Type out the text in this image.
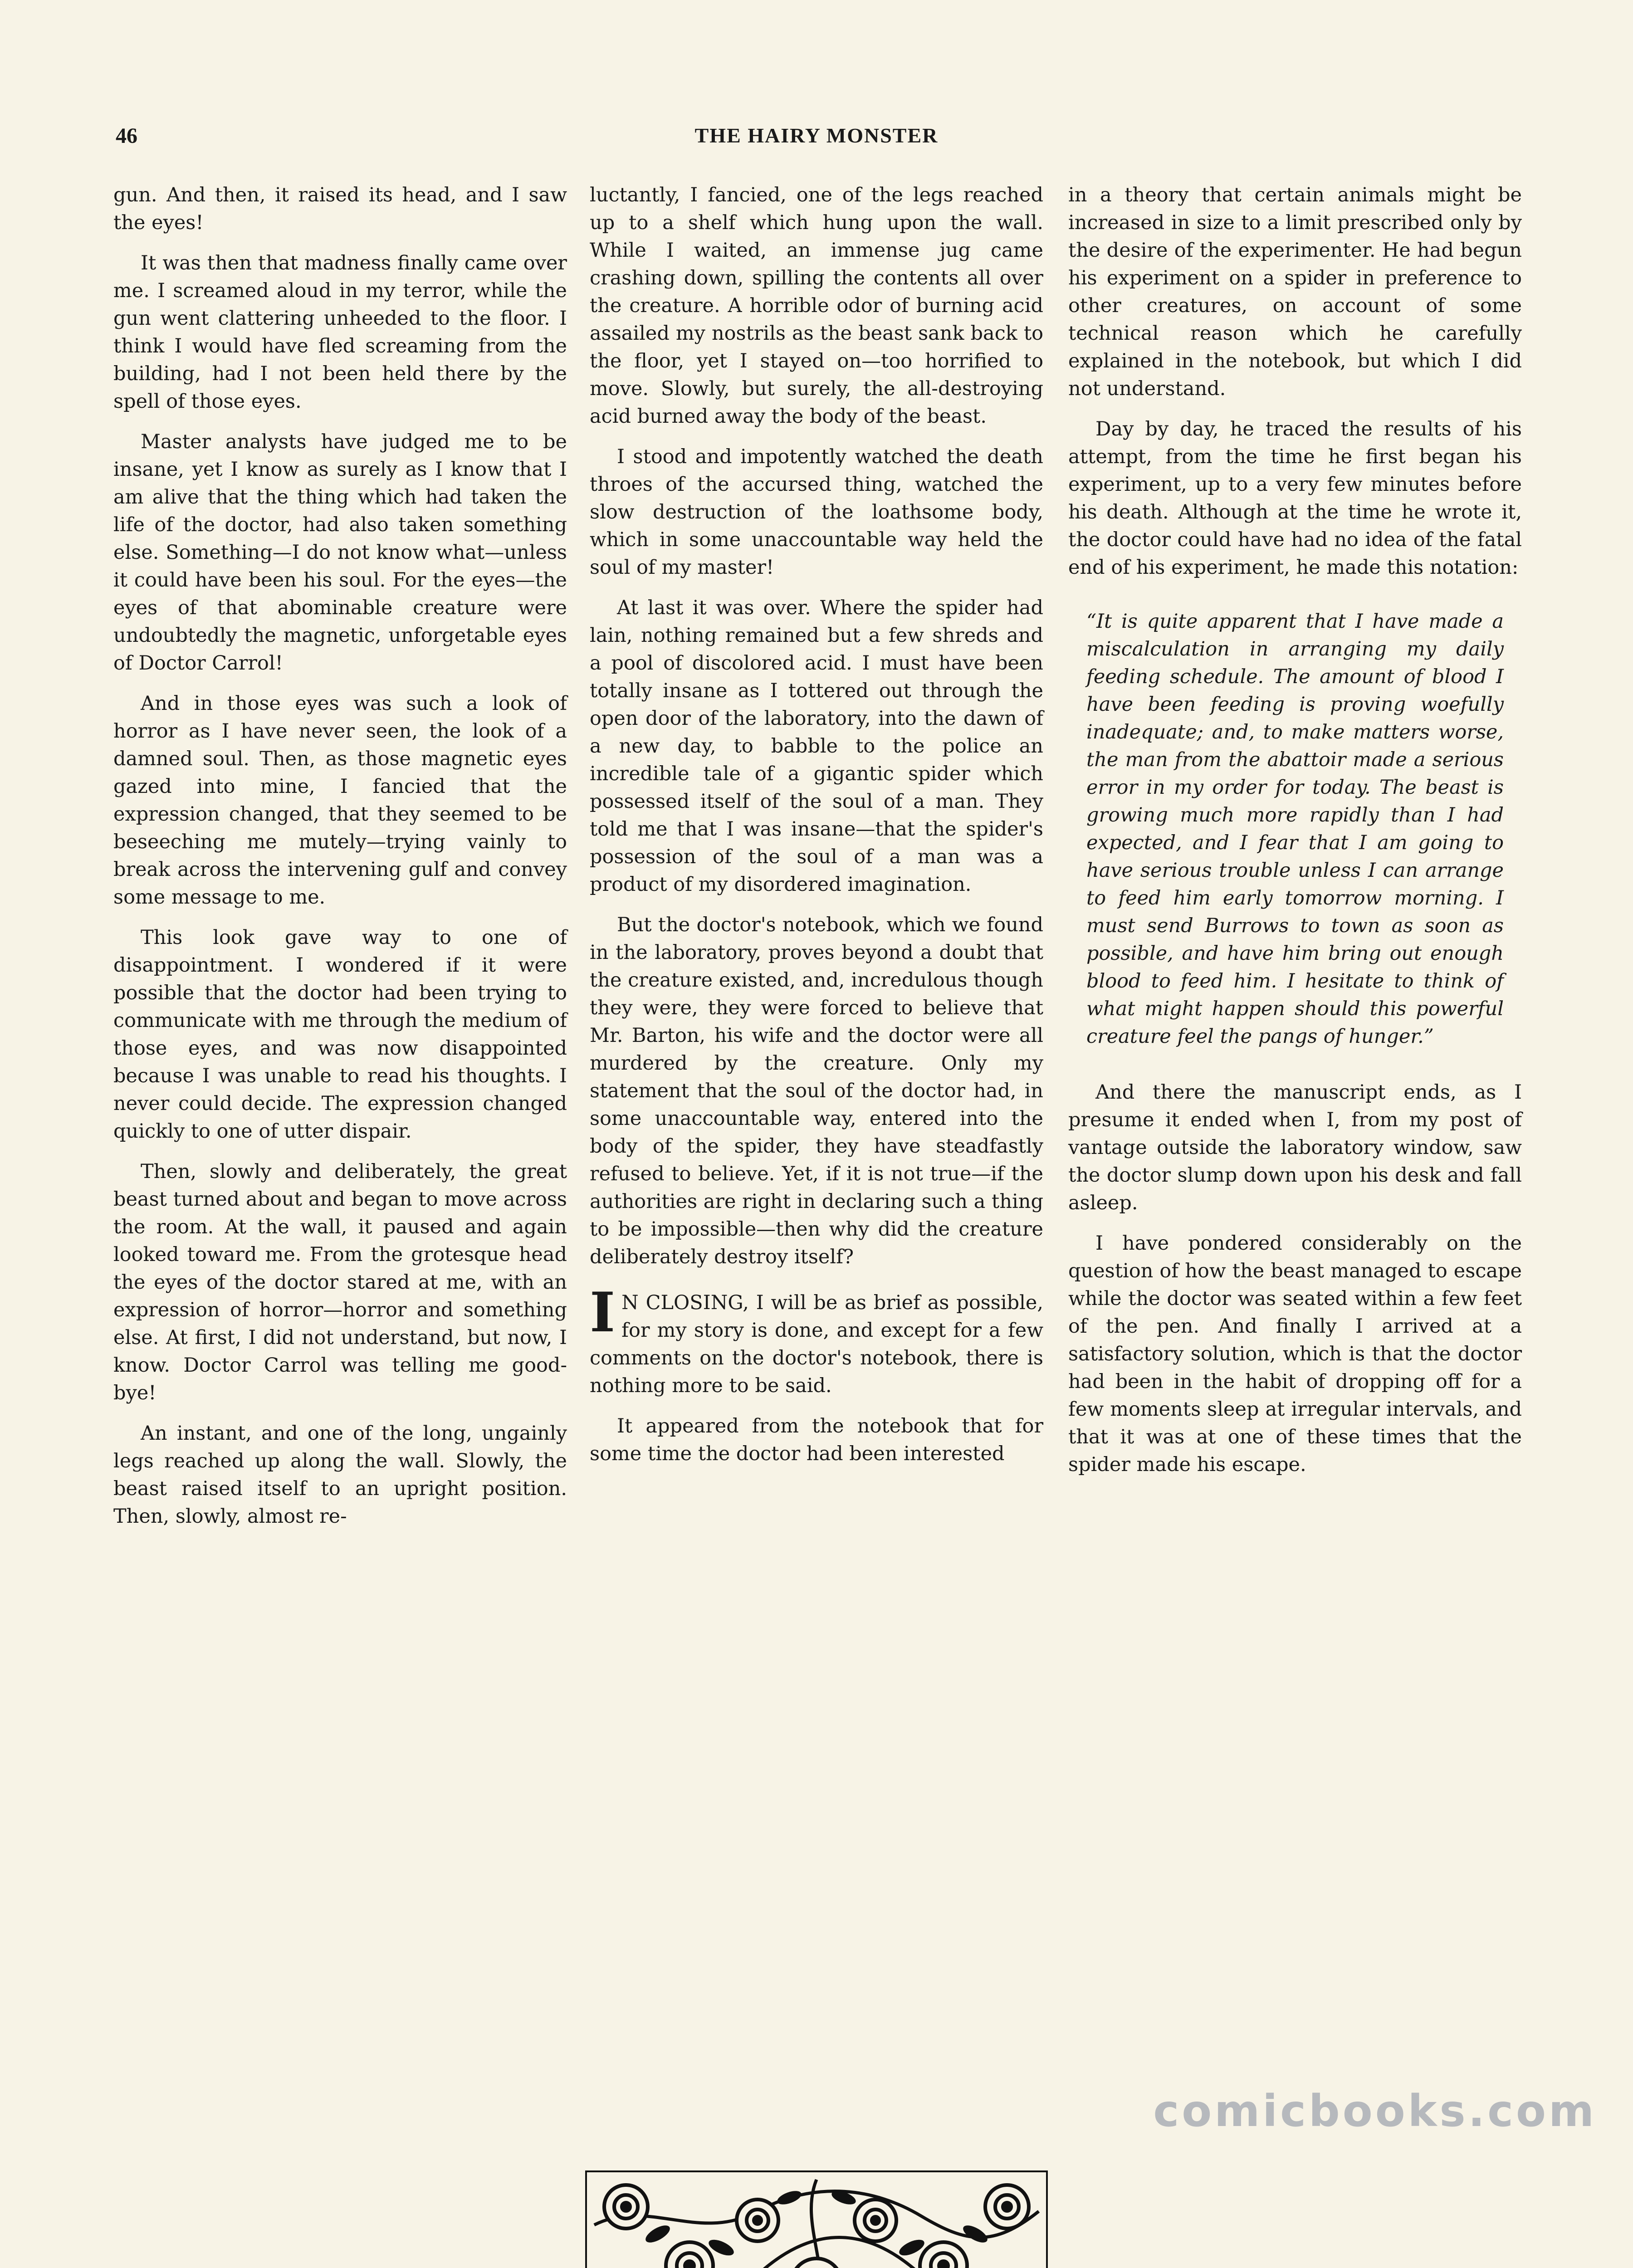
46	THE HAIRY MONSTER

gun. And then, it raised its head, and I saw the eyes!

It was then that madness finally came over me. I screamed aloud in my terror, while the gun went clattering unheeded to the floor. I think I would have fled screaming from the building, had I not been held there by the spell of those eyes.

Master analysts have judged me to be insane, yet I know as surely as I know that I am alive that the thing which had taken the life of the doctor, had also taken something else. Something—I do not know what—unless it could have been his soul. For the eyes—the eyes of that abominable creature were undoubtedly the magnetic, unforgetable eyes of Doctor Carrol!

And in those eyes was such a look of horror as I have never seen, the look of a damned soul. Then, as those magnetic eyes gazed into mine, I fancied that the expression changed, that they seemed to be beseeching me mutely—trying vainly to break across the intervening gulf and convey some message to me.

This look gave way to one of disappointment. I wondered if it were possible that the doctor had been trying to communicate with me through the medium of those eyes, and was now disappointed because I was unable to read his thoughts. I never could decide. The expression changed quickly to one of utter dispair.

Then, slowly and deliberately, the great beast turned about and began to move across the room. At the wall, it paused and again looked toward me. From the grotesque head the eyes of the doctor stared at me, with an expression of horror—horror and something else. At first, I did not understand, but now, I know. Doctor Carrol was telling me good-bye!

An instant, and one of the long, ungainly legs reached up along the wall. Slowly, the beast raised itself to an upright position. Then, slowly, almost re-

luctantly, I fancied, one of the legs reached up to a shelf which hung upon the wall. While I waited, an immense jug came crashing down, spilling the contents all over the creature. A horrible odor of burning acid assailed my nostrils as the beast sank back to the floor, yet I stayed on—too horrified to move. Slowly, but surely, the all-destroying acid burned away the body of the beast.

I stood and impotently watched the death throes of the accursed thing, watched the slow destruction of the loathsome body, which in some unaccountable way held the soul of my master!

At last it was over. Where the spider had lain, nothing remained but a few shreds and a pool of discolored acid. I must have been totally insane as I tottered out through the open door of the laboratory, into the dawn of a new day, to babble to the police an incredible tale of a gigantic spider which possessed itself of the soul of a man. They told me that I was insane—that the spider's possession of the soul of a man was a product of my disordered imagination.

But the doctor's notebook, which we found in the laboratory, proves beyond a doubt that the creature existed, and, incredulous though they were, they were forced to believe that Mr. Barton, his wife and the doctor were all murdered by the creature. Only my statement that the soul of the doctor had, in some unaccountable way, entered into the body of the spider, they have steadfastly refused to believe. Yet, if it is not true—if the authorities are right in declaring such a thing to be impossible—then why did the creature deliberately destroy itself?

I N CLOSING, I will be as brief as possible, for my story is done, and except for a few comments on the doctor's notebook, there is nothing more to be said.

It appeared from the notebook that for some time the doctor had been interested

in a theory that certain animals might be increased in size to a limit prescribed only by the desire of the experimenter. He had begun his experiment on a spider in preference to other creatures, on account of some technical reason which he carefully explained in the notebook, but which I did not understand.

Day by day, he traced the results of his attempt, from the time he first began his experiment, up to a very few minutes before his death. Although at the time he wrote it, the doctor could have had no idea of the fatal end of his experiment, he made this notation:

“It is quite apparent that I have made a miscalculation in arranging my daily feeding schedule. The amount of blood I have been feeding is proving woefully inadequate; and, to make matters worse, the man from the abattoir made a serious error in my order for today. The beast is growing much more rapidly than I had expected, and I fear that I am going to have serious trouble unless I can arrange to feed him early tomorrow morning. I must send Burrows to town as soon as possible, and have him bring out enough blood to feed him. I hesitate to think of what might happen should this powerful creature feel the pangs of hunger.”

And there the manuscript ends, as I presume it ended when I, from my post of vantage outside the laboratory window, saw the doctor slump down upon his desk and fall asleep.

I have pondered considerably on the question of how the beast managed to escape while the doctor was seated within a few feet of the pen. And finally I arrived at a satisfactory solution, which is that the doctor had been in the habit of dropping off for a few moments sleep at irregular intervals, and that it was at one of these times that the spider made his escape.

comicbooks.com
